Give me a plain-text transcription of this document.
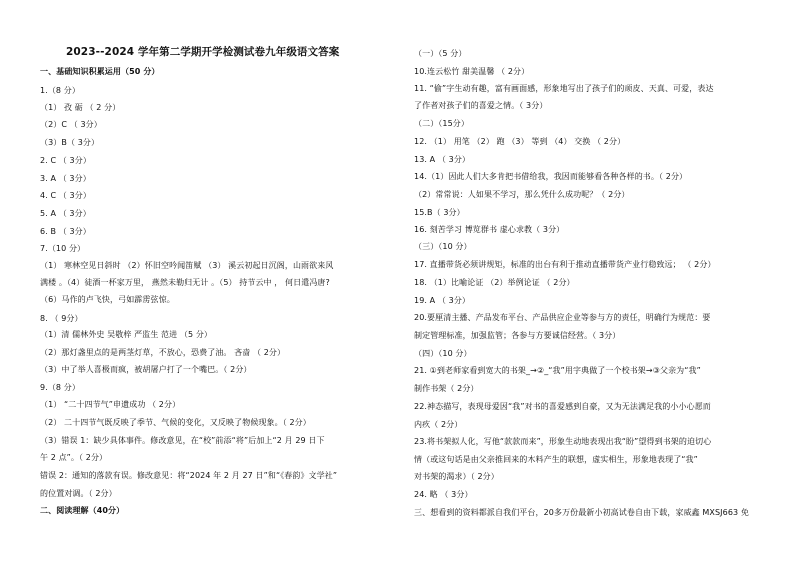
2023--2024 学年第二学期开学检测试卷九年级语文答案
一、基础知识积累运用（50 分）
1.（8 分）
（1） 孜 砺 （ 2 分）
（2）C （ 3分）
（3）B（ 3分）
2. C （ 3分）
3. A （ 3分）
4. C （ 3分）
5. A （ 3分）
6. B （ 3分）
7.（10 分）
（1） 寒林空见日斜时 （2）怀旧空吟闻笛赋 （3） 溪云初起日沉阁，山雨欲来风
满楼 。（4）徒酒一杯家万里， 燕然未勒归无计 。（5） 持节云中 ， 何日遣冯唐?
（6）马作的卢飞快，弓如霹雳弦惊。
8. （ 9分）
（1）清 儒林外史 吴敬梓 严监生 范进 （5 分）
（2）那灯盏里点的是两茎灯草，不放心，恐费了油。 吝啬 （ 2分）
（3）中了举人喜极而疯，被胡屠户打了一个嘴巴。（ 2分）
9.（8 分）
（1） “二十四节气”申遗成功 （ 2分）
（2） 二十四节气既反映了季节、气候的变化，又反映了物候现象。（ 2分）
（3）错误 1：缺少具体事件。修改意见，在“校”前添“将”后加上“2 月 29 日下
午 2 点”。（ 2分）
错误 2：通知的落款有误。修改意见：将“2024 年 2 月 27 日”和“《春韵》文学社”
的位置对调。（ 2分）
二、阅读理解（40分）
（一）（5 分）
10.连云松竹 甜美温馨 （ 2分）
11. “偷”字生动有趣，富有画面感，形象地写出了孩子们的顽皮、天真、可爱，表达
了作者对孩子们的喜爱之情。（ 3分）
（二）（15分）
12. （1） 用笔 （2） 跑 （3） 等到 （4） 交换 （ 2分）
13. A （ 3分）
14.（1）因此人们大多肯把书借给我，我因而能够看各种各样的书。（ 2分）
（2）常常说：人如果不学习，那么凭什么成功呢？（ 2分）
15.B（ 3分）
16. 刻苦学习 博览群书 虚心求教（ 3分）
（三）（10 分）
17. 直播带货必须讲规矩，标准的出台有利于推动直播带货产业行稳致远； （ 2分）
18. （1）比喻论证 （2）举例论证 （ 2分）
19. A （ 3分）
20.要厘清主播、产品发布平台、产品供应企业等参与方的责任，明确行为规范：要
制定管理标准，加强监管；各参与方要诚信经营。（ 3分）
（四）（10 分）
21. ①到老师家看到宽大的书架_→②_“我”用字典做了一个校书架→③父亲为“我”
制作书架（ 2分）
22.神态描写，表现母爱因“我”对书的喜爱感到自豪，又为无法满足我的小小心愿而
内疚（ 2分）
23.将书架拟人化，写他“款款而来”，形象生动地表现出我“盼”望得到书架的迫切心
情（或这句话是由父亲推回来的木料产生的联想，虚实相生，形象地表现了“我”
对书架的渴求）（ 2分）
24. 略 （ 3分）
三、想看到的资料都派自我们平台，20多万份最新小初高试卷自由下载，家威鑫 MXSJ663 免
